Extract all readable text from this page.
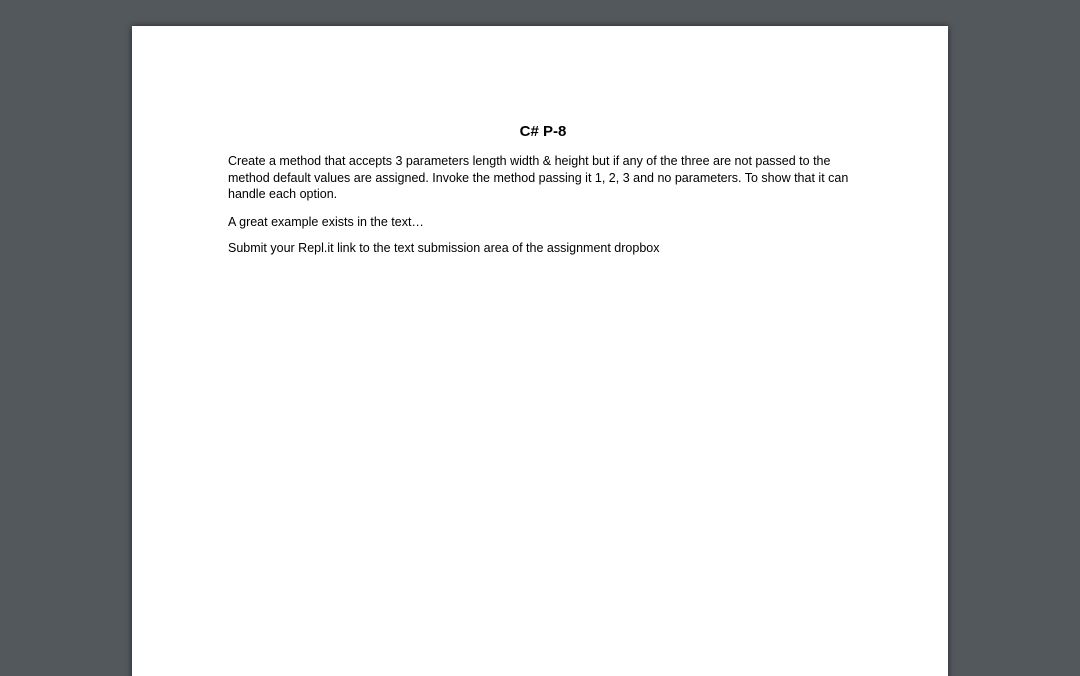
C# P-8

Create a method that accepts 3 parameters length width & height but if any of the three are not passed to the method default values are assigned. Invoke the method passing it 1, 2, 3 and no parameters. To show that it can handle each option.

A great example exists in the text…

Submit your Repl.it link to the text submission area of the assignment dropbox
